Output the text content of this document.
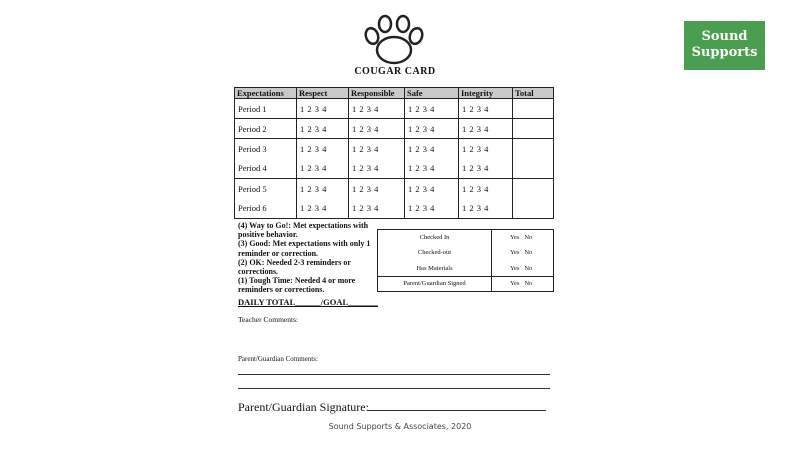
Sound
Supports
COUGAR CARD
Expectations	Respect	Responsible	Safe	Integrity	Total
Period 1	1 2 3 4	1 2 3 4	1 2 3 4	1 2 3 4	
Period 2	1 2 3 4	1 2 3 4	1 2 3 4	1 2 3 4	
Period 3	1 2 3 4	1 2 3 4	1 2 3 4	1 2 3 4	
Period 4	1 2 3 4	1 2 3 4	1 2 3 4	1 2 3 4	
Period 5	1 2 3 4	1 2 3 4	1 2 3 4	1 2 3 4	
Period 6	1 2 3 4	1 2 3 4	1 2 3 4	1 2 3 4	
(4) Way to Go!: Met expectations with positive behavior.
(3) Good: Met expectations with only 1 reminder or correction.
(2) OK: Needed 2-3 reminders or corrections.
(1) Tough Time: Needed 4 or more reminders or corrections.
Checked In	Yes No
Checked-out	Yes No
Has Materials	Yes No
Parent/Guardian Signed	Yes No
DAILY TOTAL______/GOAL_______
Teacher Comments:
Parent/Guardian Comments:
Parent/Guardian Signature:
Sound Supports & Associates, 2020
